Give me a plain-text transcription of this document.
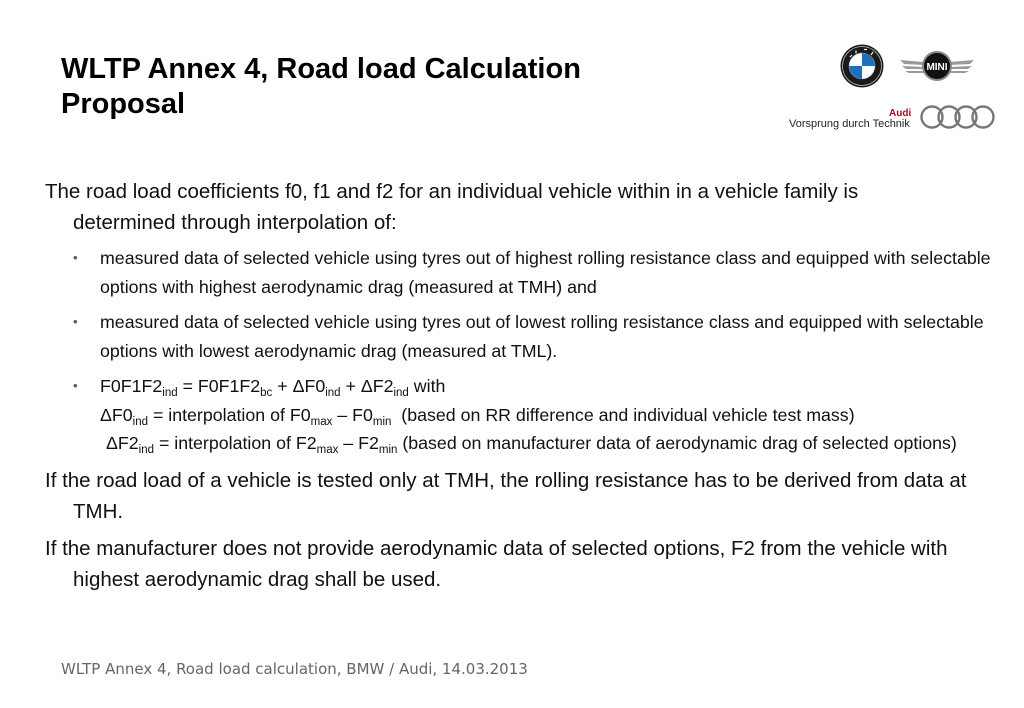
WLTP Annex 4, Road load Calculation
Proposal
MINI
Audi
Vorsprung durch Technik

The road load coefficients f0, f1 and f2 for an individual vehicle within in a vehicle family is
determined through interpolation of:

• measured data of selected vehicle using tyres out of highest rolling resistance class and equipped with selectable options with highest aerodynamic drag (measured at TMH) and
• measured data of selected vehicle using tyres out of lowest rolling resistance class and equipped with selectable options with lowest aerodynamic drag (measured at TML).
• $F0F1F2_{ind} = F0F1F2_{bc} + \Delta F0_{ind} + \Delta F2_{ind}$ with
$\Delta F0_{ind}$ = interpolation of $F0_{max} - F0_{min}$  (based on RR difference and individual vehicle test mass)
$\Delta F2_{ind}$ = interpolation of $F2_{max} - F2_{min}$ (based on manufacturer data of aerodynamic drag of selected options)

If the road load of a vehicle is tested only at TMH, the rolling resistance has to be derived from data at TMH.

If the manufacturer does not provide aerodynamic data of selected options, F2 from the vehicle with highest aerodynamic drag shall be used.

WLTP Annex 4, Road load calculation, BMW / Audi, 14.03.2013
